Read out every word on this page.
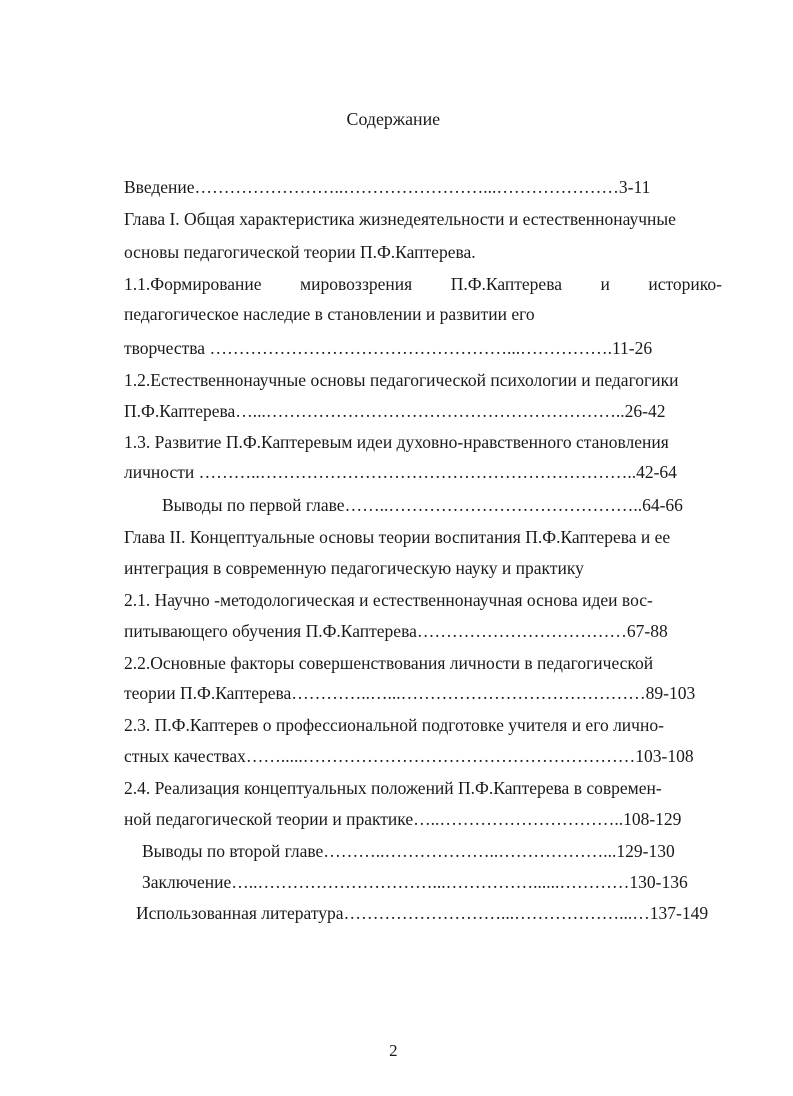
Содержание

Введение……………………..……………………...…………………3-11

Глава I. Общая характеристика жизнедеятельности и естественнонаучные

основы педагогической теории П.Ф.Каптерева.

1.1.Формирование мировоззрения П.Ф.Каптерева и историко-

педагогическое наследие в становлении и развитии его

творчества ……………………………………………...…………….11-26

1.2.Естественнонаучные основы педагогической психологии и педагогики

П.Ф.Каптерева…...……………………………………………………..26-42

1.3. Развитие П.Ф.Каптеревым идеи духовно-нравственного становления

личности ………..………………………………………………………..42-64

Выводы по первой главе……..……………………………………..64-66

Глава II. Концептуальные основы теории воспитания П.Ф.Каптерева и ее

интеграция в современную педагогическую науку и практику

2.1. Научно -методологическая и естественнонаучная основа идеи вос-

питывающего обучения П.Ф.Каптерева………………………………67-88

2.2.Основные факторы совершенствования личности в педагогической

теории П.Ф.Каптерева…………..…...……………………………………89-103

2.3. П.Ф.Каптерев о профессиональной подготовке учителя и его лично-

стных качествах…….....…………………………………………………103-108

2.4. Реализация концептуальных положений П.Ф.Каптерева в современ-

ной педагогической теории и практике…..…………………………..108-129

Выводы по второй главе………..………………..………………...129-130

Заключение…..…………………………...……………......…………130-136

Использованная литература………………………...………………...…137-149

2
